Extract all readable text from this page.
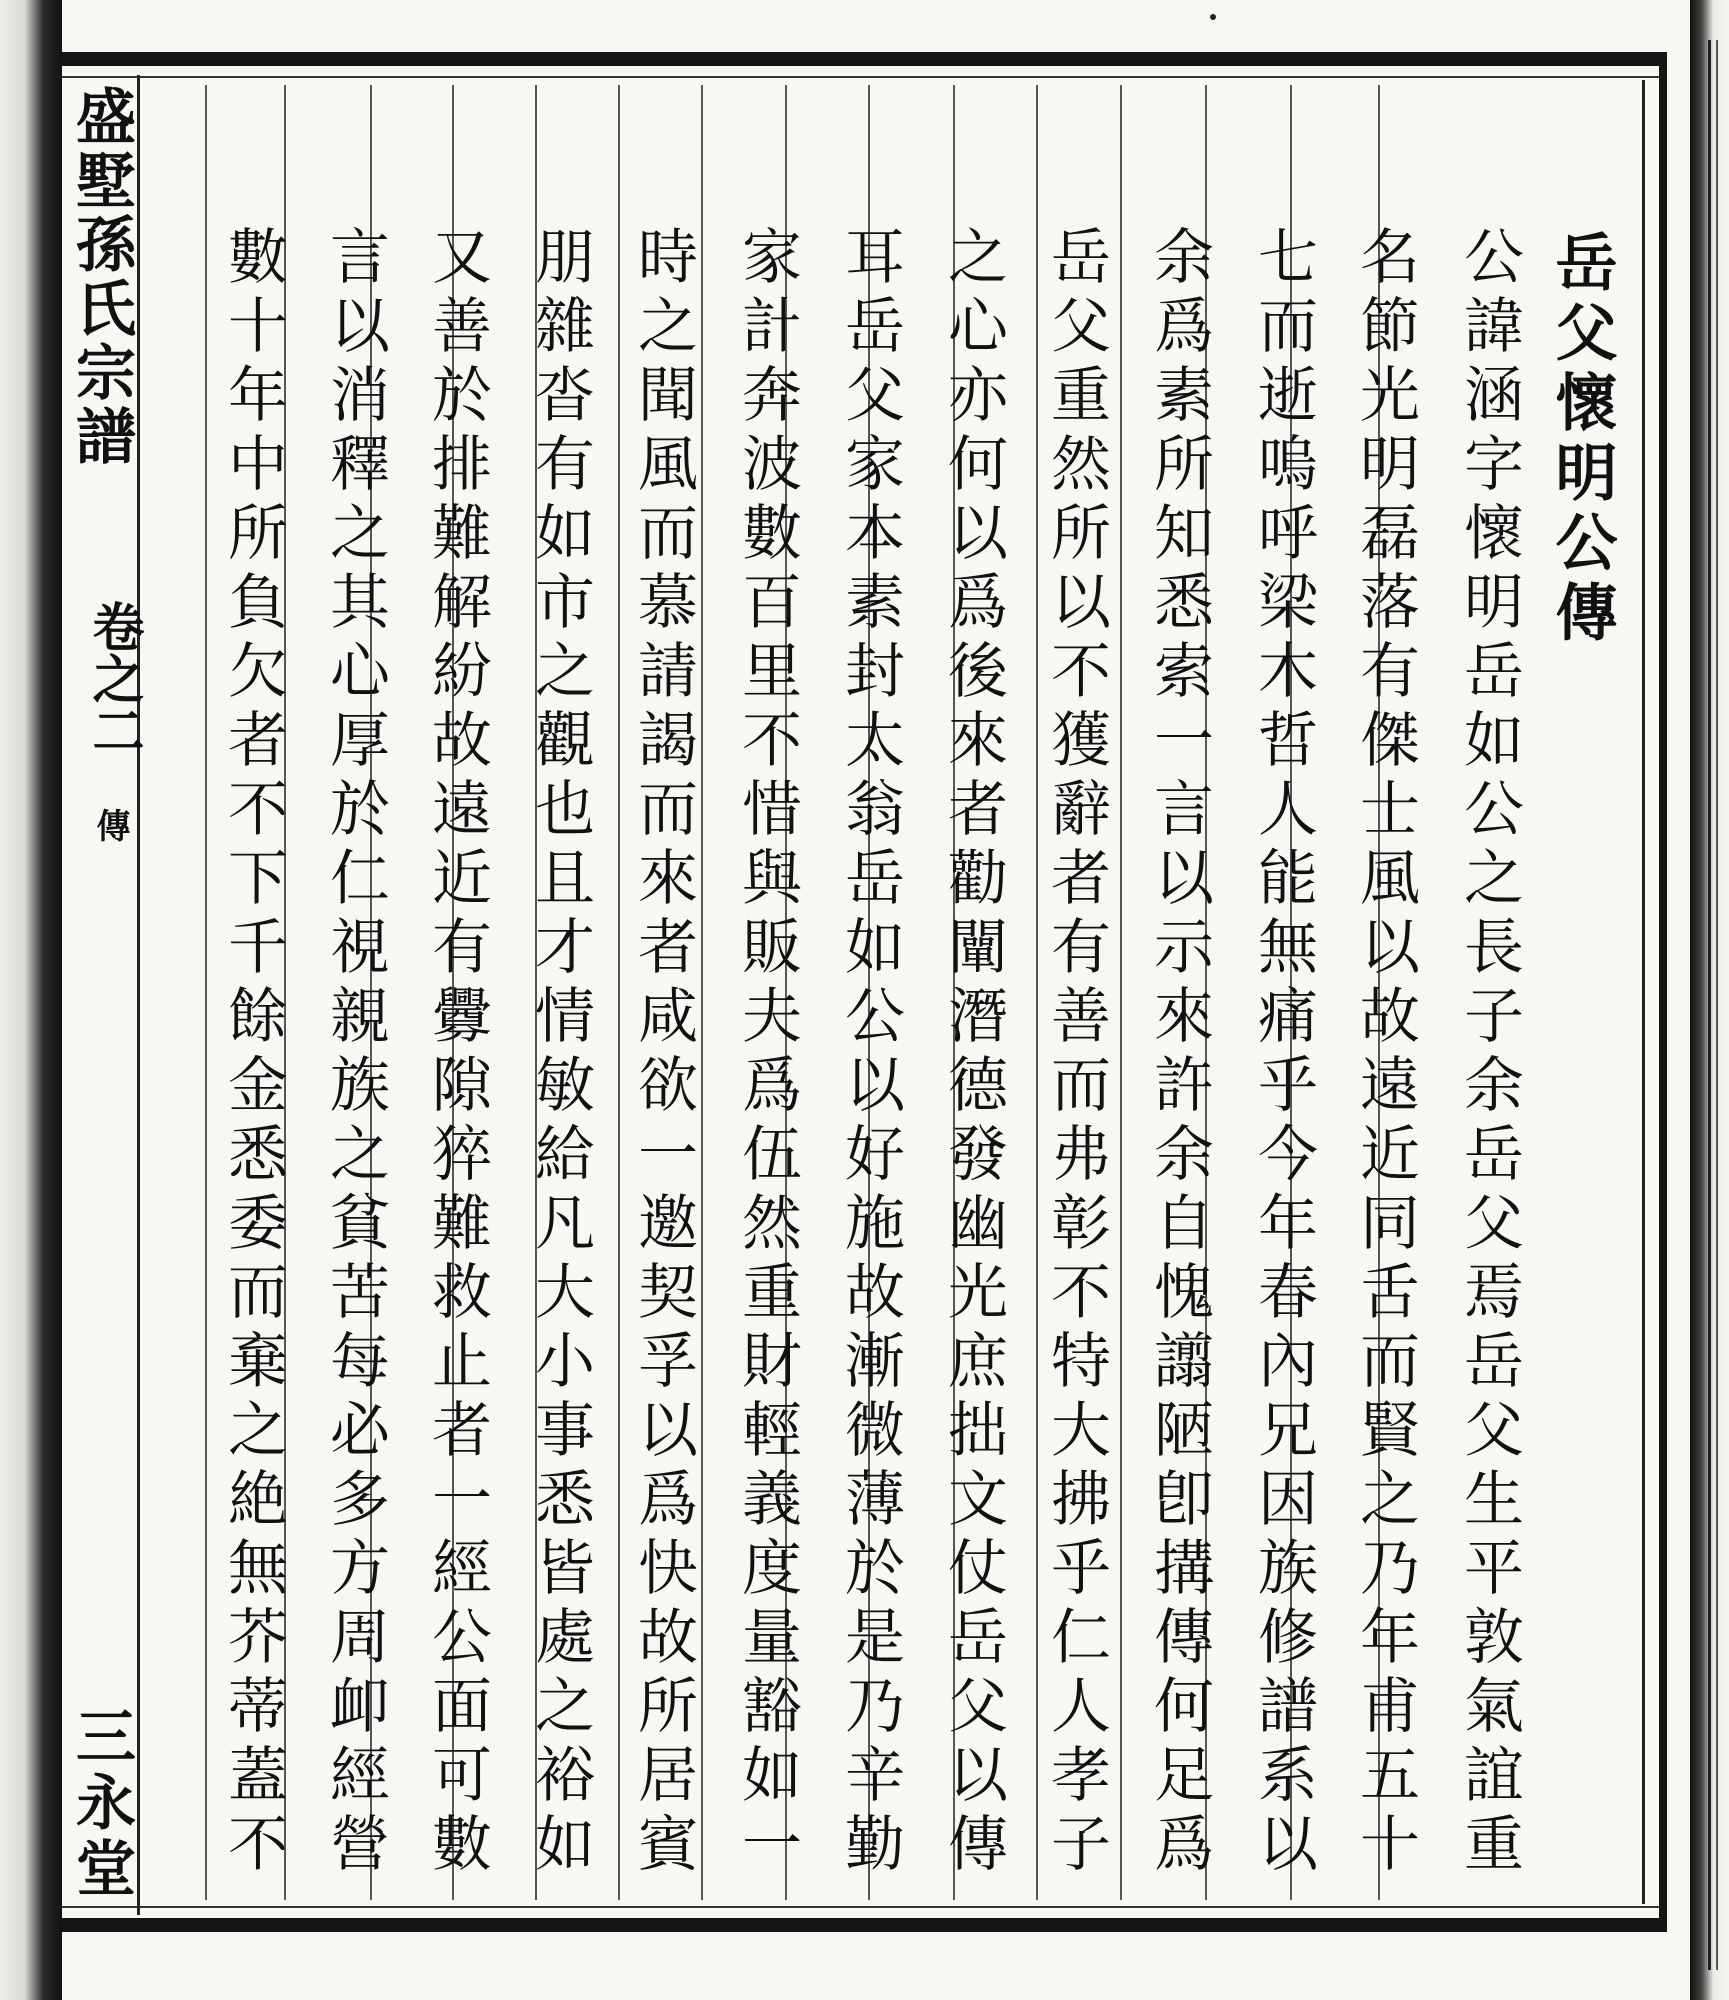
盛墅孫氏宗譜
三永堂
卷之二
傳
岳父懷明公傳
公諱涵字懷明岳如公之長子余岳父焉岳父生平敦氣誼重
名節光明磊落有傑士風以故遠近同舌而賢之乃年甫五十
七而逝嗚呼梁木哲人能無痛乎今年春內兄因族修譜系以
余爲素所知悉索一言以示來許余自愧譾陋卽搆傳何足爲
岳父重然所以不獲辭者有善而弗彰不特大拂乎仁人孝子
之心亦何以爲後來者勸闡潛德發幽光庶拙文仗岳父以傳
耳岳父家本素封太翁岳如公以好施故漸微薄於是乃辛勤
家計奔波數百里不惜與販夫爲伍然重財輕義度量豁如一
時之聞風而慕請謁而來者咸欲一邀契孚以爲快故所居賓
朋雜沓有如市之觀也且才情敏給凡大小事悉皆處之裕如
又善於排難解紛故遠近有釁隙猝難救止者一經公面可數
言以消釋之其心厚於仁視親族之貧苦每必多方周卹經營
數十年中所負欠者不下千餘金悉委而棄之絶無芥蒂蓋不
